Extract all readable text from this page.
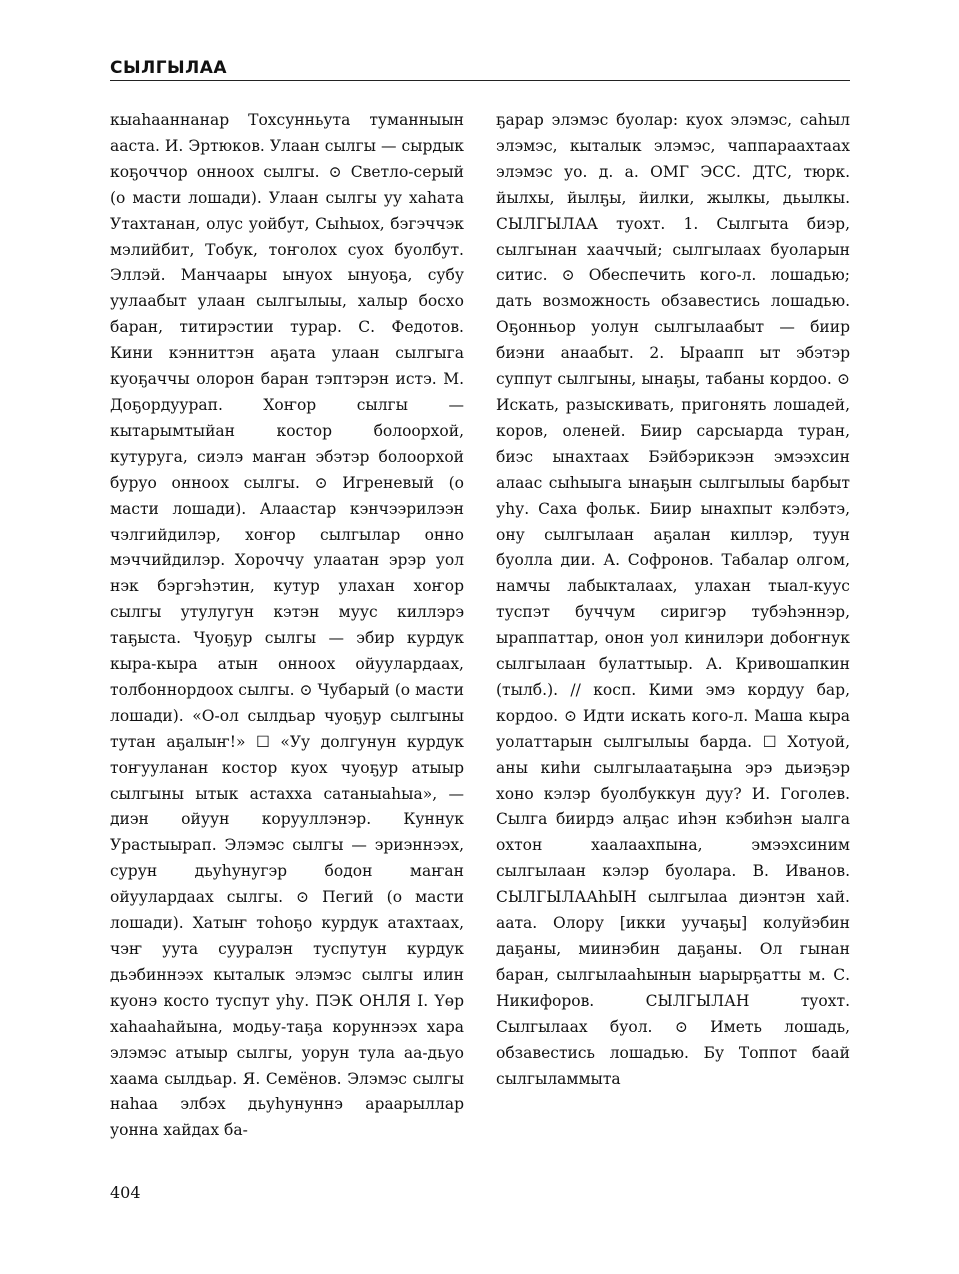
СЫЛГЫЛАА

кыаhааннанар Тохсунньута туманныын аастa. И. Эртюков. Улаан сылгы — сырдык коҕоччор онноох сылгы. ⊙ Светло-серый (о масти лошади). Улаан сылгы уу хаhата Утахтанан, олус уойбут, Сыhыох, бэгэччэк мэлийбит, Тобук, тоҥолох суох буолбут. Эллэй. Манчаары ынуох ынуоҕа, субу уулаабыт улаан сылгылыы, халыр босхо баран, титирэстии турар. С. Федотов. Кини кэнниттэн аҕата улаан сылгыга куоҕаччы олорон баран тэптэрэн истэ. М. Доҕордуурап. Хоҥор сылгы — кытарымтыйан костор болоорхой, кутуруга, сиэлэ маҥан эбэтэр болоорхой буруо онноох сылгы. ⊙ Игреневый (о масти лошади). Алаастар кэнчээрилээн чэлгийдилэр, хоҥор сылгылар онно мэччийдилэр. Хороччу улаатан эрэр уол нэк бэргэhэтин, кутур улахан хоҥор сылгы утулугун кэтэн муус киллэрэ таҕыста. Чуоҕур сылгы — эбир курдук кыра-кыра атын онноох ойуулардаах, толбоннордоох сылгы. ⊙ Чубарый (о масти лошади). «О-ол сылдьар чуоҕур сылгыны тутан аҕалыҥ!» ☐ «Уу долгунун курдук тоҥууланан костор куох чуоҕур атыыр сылгыны ытык астахха сатаныаhыа», — диэн ойуун корууллэнэр. Куннук Урастыырап. Элэмэс сылгы — эриэннээх, сурун дьуhунугэр бодон маҥан ойуулардаах сылгы. ⊙ Пегий (о масти лошади). Хатыҥ тоhоҕо курдук атахтаах, чэҥ уута сууралэн туспутун курдук дьэбиннээх кыталык элэмэс сылгы илин куонэ косто туспут уhу. ПЭК ОНЛЯ I. Үөр хаhааhайына, модьу-таҕа коруннээх хара элэмэс атыыр сылгы, уорун тула аа-дьуо хаама сылдьар. Я. Семёнов. Элэмэс сылгы наhаа элбэх дьуhунуннэ араарыллар уонна хайдах ба-

ҕарар элэмэс буолар: куох элэмэс, саhыл элэмэс, кыталык элэмэс, чаппараахтаах элэмэс уо. д. а. ОМГ ЭСС. ДТС, тюрк. йылхы, йылҕы, йилки, жылкы, дьылкы. СЫЛГЫЛАА туохт. 1. Сылгыта биэр, сылгынан хааччый; сылгылаах буоларын ситис. ⊙ Обеспечить кого-л. лошадью; дать возможность обзавестись лошадью. Оҕонньор уолун сылгылаабыт — биир биэни анаабыт. 2. Ыраапп ыт эбэтэр суппут сылгыны, ынаҕы, табаны кордоо. ⊙ Искать, разыскивать, пригонять лошадей, коров, оленей. Биир сарсыарда туран, биэс ынахтаах Бэйбэрикээн эмээхсин алаас сыhыыга ынаҕын сылгылыы барбыт уhу. Саха фольк. Биир ынахпыт кэлбэтэ, ону сылгылаан аҕалан киллэр, туун буолла дии. А. Софронов. Табалар олгом, намчы лабыкталаах, улахан тыал-куус туспэт буччум сиригэр тубэhэннэр, ыраппаттар, онон уол кинилэри добоҥнук сылгылаан булаттыыр. А. Кривошапкин (тылб.). // коcп. Кими эмэ кордуу бар, кордоо. ⊙ Идти искать кого-л. Маша кыра уолаттарын сылгылыы барда. ☐ Хотуой, аны киhи сылгылаатаҕына эрэ дьиэҕэр хоно кэлэр буолбуккун дуу? И. Гоголев. Сылга биирдэ алҕас иhэн кэбиhэн ыалга охтон хаалаахпына, эмээхсиним сылгылаан кэлэр буолара. В. Иванов. СЫЛГЫЛААhЫН сылгылаа диэнтэн хай. аата. Олору [икки уучаҕы] колуйэбин даҕаны, миинэбин даҕаны. Ол гынан баран, сылгылааhынын ыарырҕатты м. С. Никифоров. СЫЛГЫЛАН туохт. Сылгылаах буол. ⊙ Иметь лошадь, обзавестись лошадью. Бу Топпот баай сылгыламмыта

404
